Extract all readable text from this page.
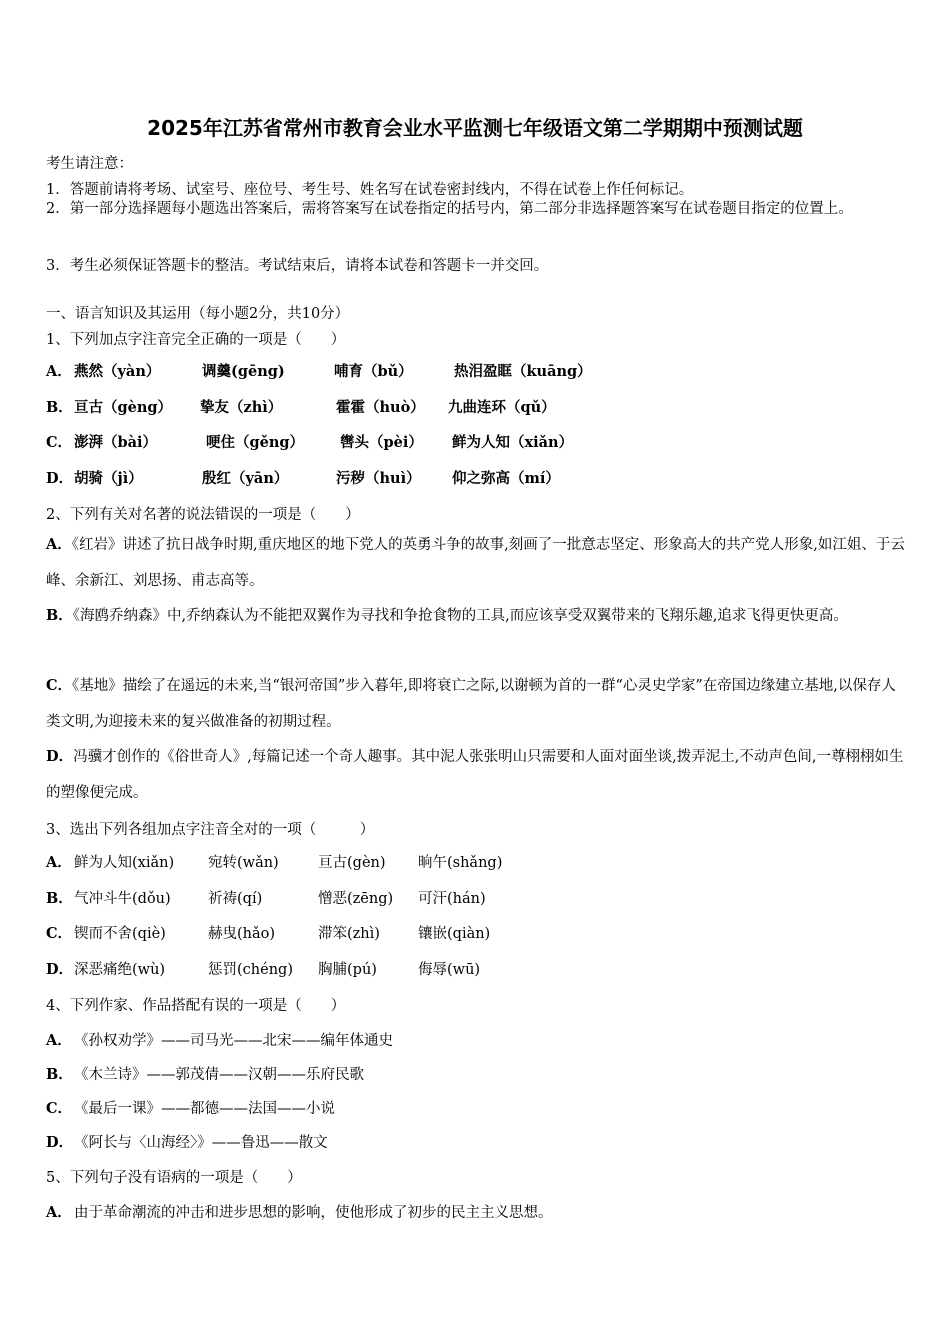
2025年江苏省常州市教育会业水平监测七年级语文第二学期期中预测试题
考生请注意：
1．答题前请将考场、试室号、座位号、考生号、姓名写在试卷密封线内，不得在试卷上作任何标记。
2．第一部分选择题每小题选出答案后，需将答案写在试卷指定的括号内，第二部分非选择题答案写在试卷题目指定的位置上。
3．考生必须保证答题卡的整洁。考试结束后，请将本试卷和答题卡一并交回。
一、语言知识及其运用（每小题2分，共10分）
1、下列加点字注音完全正确的一项是（　　）
A． 燕然（yàn）	调羹(gēng)	哺育（bǔ）	热泪盈眶（kuāng）
B． 亘古（gèng） 挚友（zhì）	霍霍（huò） 九曲连环（qǔ）
C． 澎湃（bài）	哽住（gěng） 辔头（pèi） 鲜为人知（xiǎn）
D． 胡骑（jì）	殷红（yān）	污秽（huì） 仰之弥高（mí）
2、下列有关对名著的说法错误的一项是（　　）
A．《红岩》讲述了抗日战争时期,重庆地区的地下党人的英勇斗争的故事,刻画了一批意志坚定、形象高大的共产党人形象,如江姐、于云峰、余新江、刘思扬、甫志高等。
B．《海鸥乔纳森》中,乔纳森认为不能把双翼作为寻找和争抢食物的工具,而应该享受双翼带来的飞翔乐趣,追求飞得更快更高。
C．《基地》描绘了在遥远的未来,当“银河帝国”步入暮年,即将衰亡之际,以谢顿为首的一群“心灵史学家”在帝国边缘建立基地,以保存人类文明,为迎接未来的复兴做准备的初期过程。
D．冯骥才创作的《俗世奇人》,每篇记述一个奇人趣事。其中泥人张张明山只需要和人面对面坐谈,拨弄泥土,不动声色间,一尊栩栩如生的塑像便完成。
3、选出下列各组加点字注音全对的一项（　　　）
A． 鲜为人知(xiǎn) 宛转(wǎn)	亘古(gèn) 晌午(shǎng)
B． 气冲斗牛(dǒu)	祈祷(qí)	憎恶(zēng) 可汗(hán)
C． 锲而不舍(qiè)	赫曳(hǎo)	滞笨(zhì)	镶嵌(qiàn)
D． 深恶痛绝(wù)	惩罚(chéng) 胸脯(pú)	侮辱(wū)
4、下列作家、作品搭配有误的一项是（　　）
A． 《孙权劝学》——司马光——北宋——编年体通史
B．《木兰诗》——郭茂倩——汉朝——乐府民歌
C． 《最后一课》——都德——法国——小说
D．《阿长与〈山海经〉》——鲁迅——散文
5、下列句子没有语病的一项是（　　）
A． 由于革命潮流的冲击和进步思想的影响，使他形成了初步的民主主义思想。
